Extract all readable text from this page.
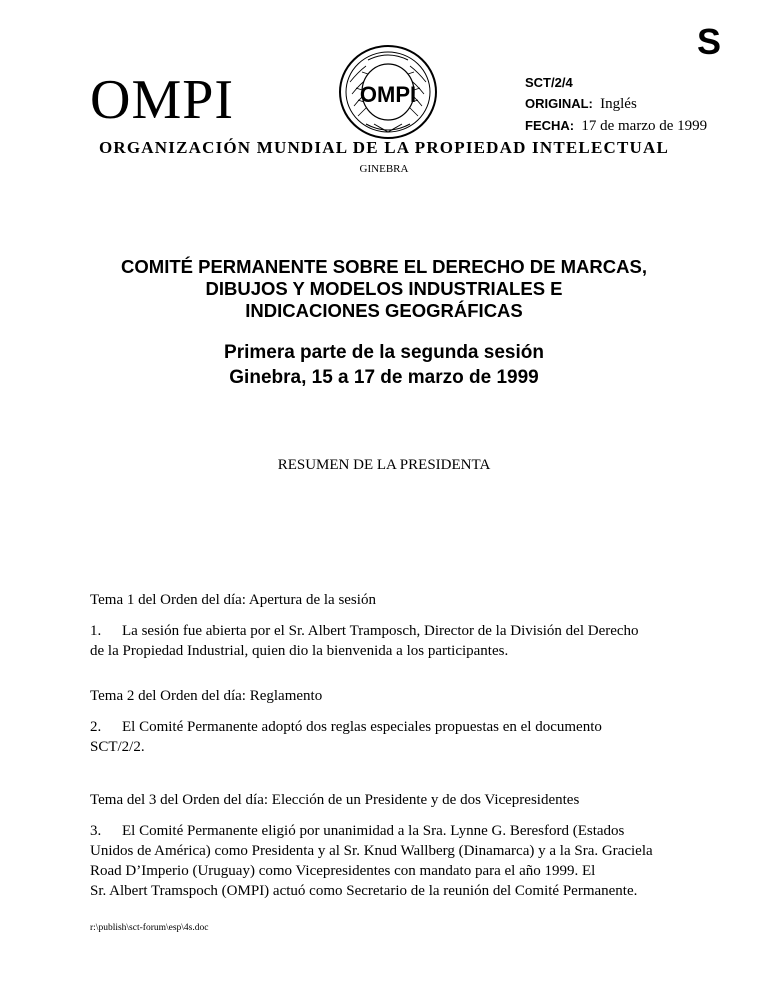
S
OMPI	OMPI	SCT/2/4
ORIGINAL: Inglés
FECHA: 17 de marzo de 1999
ORGANIZACIÓN MUNDIAL DE LA PROPIEDAD INTELECTUAL
GINEBRA
COMITÉ PERMANENTE SOBRE EL DERECHO DE MARCAS,
DIBUJOS Y MODELOS INDUSTRIALES E
INDICACIONES GEOGRÁFICAS
Primera parte de la segunda sesión
Ginebra, 15 a 17 de marzo de 1999
RESUMEN DE LA PRESIDENTA
Tema 1 del Orden del día: Apertura de la sesión
1. La sesión fue abierta por el Sr. Albert Tramposch, Director de la División del Derecho
de la Propiedad Industrial, quien dio la bienvenida a los participantes.
Tema 2 del Orden del día: Reglamento
2. El Comité Permanente adoptó dos reglas especiales propuestas en el documento
SCT/2/2.
Tema del 3 del Orden del día: Elección de un Presidente y de dos Vicepresidentes
3. El Comité Permanente eligió por unanimidad a la Sra. Lynne G. Beresford (Estados
Unidos de América) como Presidenta y al Sr. Knud Wallberg (Dinamarca) y a la Sra. Graciela
Road D’Imperio (Uruguay) como Vicepresidentes con mandato para el año 1999. El
Sr. Albert Tramspoch (OMPI) actuó como Secretario de la reunión del Comité Permanente.
r:\publish\sct-forum\esp\4s.doc
